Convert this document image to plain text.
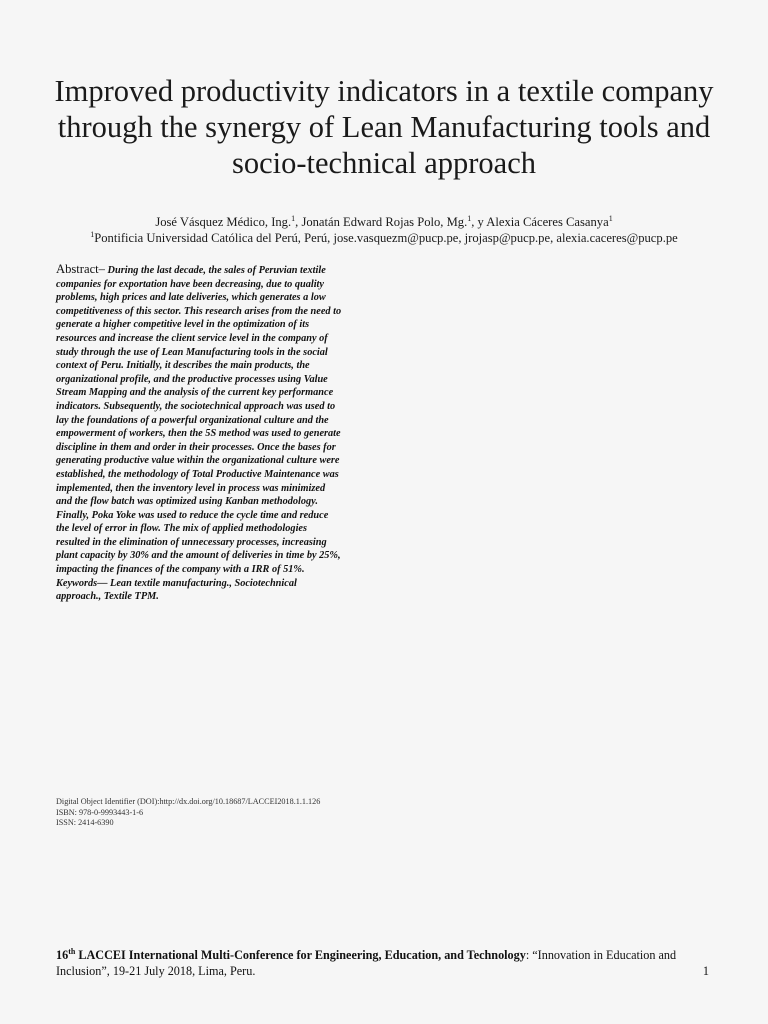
Improved productivity indicators in a textile company
through the synergy of Lean Manufacturing tools and
socio-technical approach
José Vásquez Médico, Ing.$^1$, Jonatán Edward Rojas Polo, Mg.$^1$, y Alexia Cáceres Casanya$^1$
$^1$Pontificia Universidad Católica del Perú, Perú, jose.vasquezm@pucp.pe, jrojasp@pucp.pe, alexia.caceres@pucp.pe
Abstract– During the last decade, the sales of Peruvian textile
companies for exportation have been decreasing, due to quality
problems, high prices and late deliveries, which generates a low
competitiveness of this sector. This research arises from the need to
generate a higher competitive level in the optimization of its
resources and increase the client service level in the company of
study through the use of Lean Manufacturing tools in the social
context of Peru. Initially, it describes the main products, the
organizational profile, and the productive processes using Value
Stream Mapping and the analysis of the current key performance
indicators. Subsequently, the sociotechnical approach was used to
lay the foundations of a powerful organizational culture and the
empowerment of workers, then the 5S method was used to generate
discipline in them and order in their processes. Once the bases for
generating productive value within the organizational culture were
established, the methodology of Total Productive Maintenance was
implemented, then the inventory level in process was minimized
and the flow batch was optimized using Kanban methodology.
Finally, Poka Yoke was used to reduce the cycle time and reduce
the level of error in flow. The mix of applied methodologies
resulted in the elimination of unnecessary processes, increasing
plant capacity by 30% and the amount of deliveries in time by 25%,
impacting the finances of the company with a IRR of 51%.
Keywords— Lean textile manufacturing., Sociotechnical
approach., Textile TPM.
Digital Object Identifier (DOI):http://dx.doi.org/10.18687/LACCEI2018.1.1.126
ISBN: 978-0-9993443-1-6
ISSN: 2414-6390
16th LACCEI International Multi-Conference for Engineering, Education, and Technology: “Innovation in Education and
Inclusion”, 19-21 July 2018, Lima, Peru.	1
